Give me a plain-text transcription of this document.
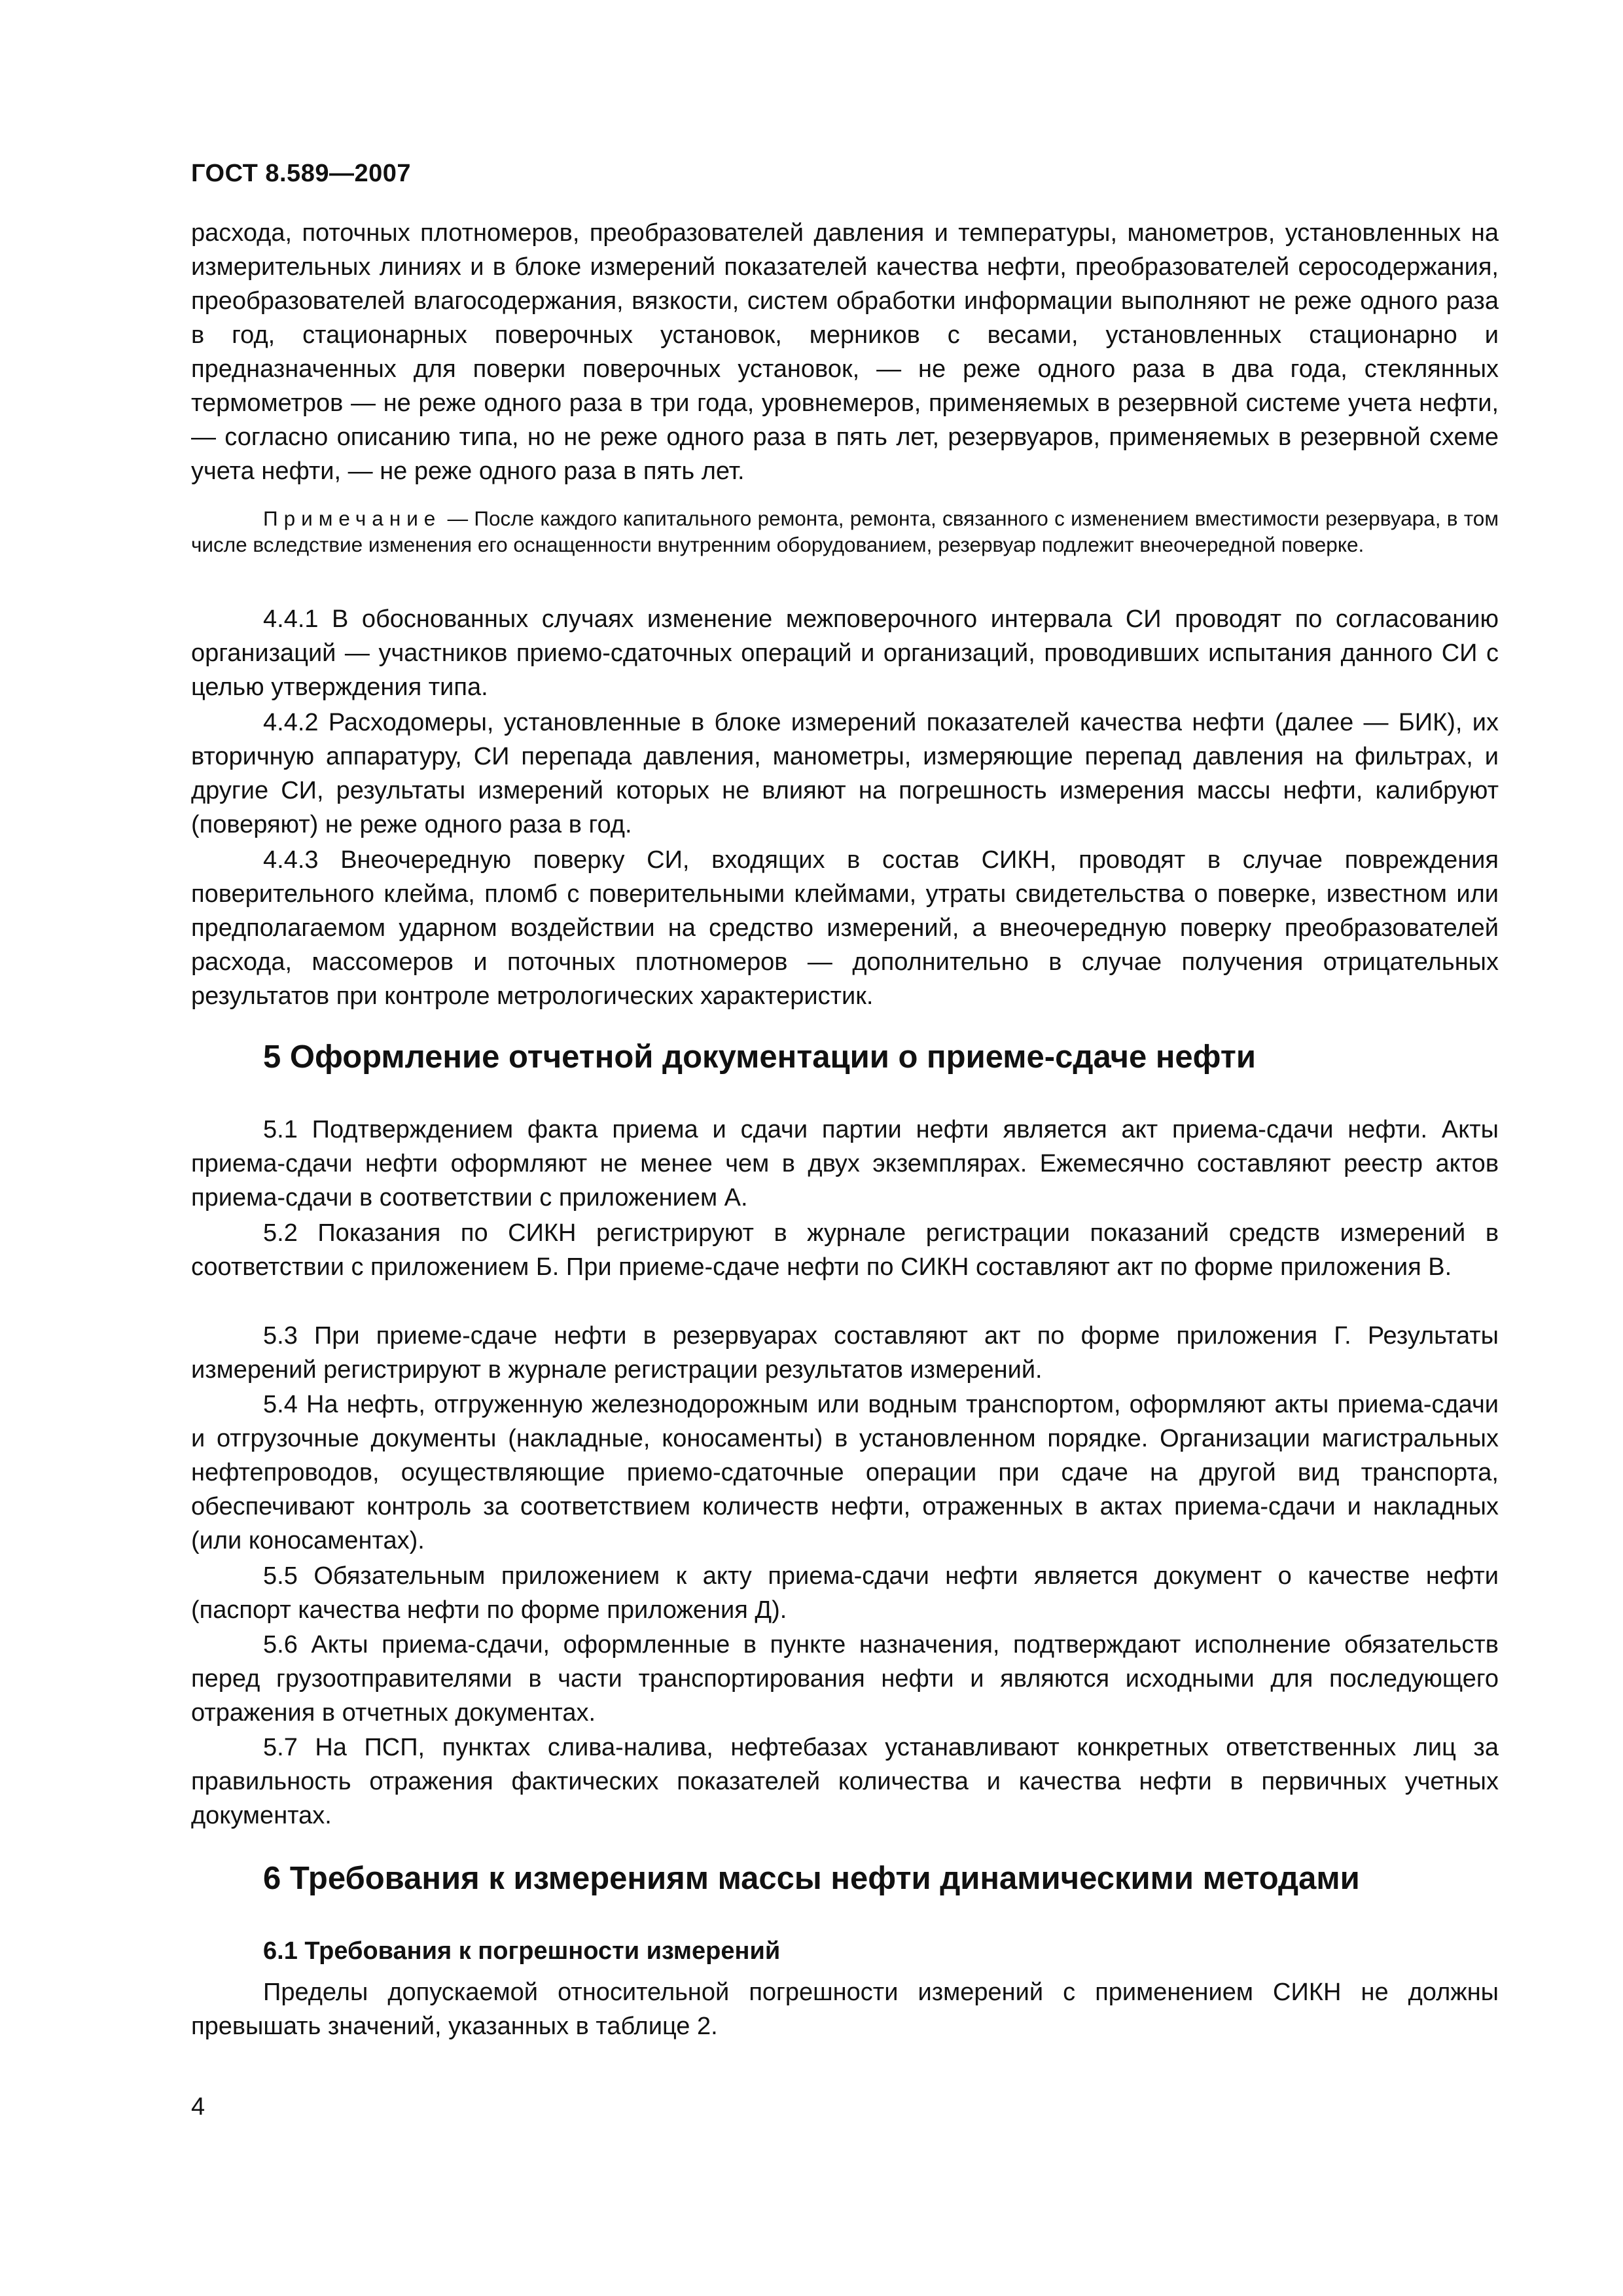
ГОСТ 8.589—2007

расхода, поточных плотномеров, преобразователей давления и температуры, манометров, установленных на измерительных линиях и в блоке измерений показателей качества нефти, преобразователей серосодержания, преобразователей влагосодержания, вязкости, систем обработки информации выполняют не реже одного раза в год, стационарных поверочных установок, мерников с весами, установленных стационарно и предназначенных для поверки поверочных установок, — не реже одного раза в два года, стеклянных термометров — не реже одного раза в три года, уровнемеров, применяемых в резервной системе учета нефти, — согласно описанию типа, но не реже одного раза в пять лет, резервуаров, применяемых в резервной схеме учета нефти, — не реже одного раза в пять лет.

Примечание — После каждого капитального ремонта, ремонта, связанного с изменением вместимости резервуара, в том числе вследствие изменения его оснащенности внутренним оборудованием, резервуар подлежит внеочередной поверке.

4.4.1 В обоснованных случаях изменение межповерочного интервала СИ проводят по согласованию организаций — участников приемо-сдаточных операций и организаций, проводивших испытания данного СИ с целью утверждения типа.

4.4.2 Расходомеры, установленные в блоке измерений показателей качества нефти (далее — БИК), их вторичную аппаратуру, СИ перепада давления, манометры, измеряющие перепад давления на фильтрах, и другие СИ, результаты измерений которых не влияют на погрешность измерения массы нефти, калибруют (поверяют) не реже одного раза в год.

4.4.3 Внеочередную поверку СИ, входящих в состав СИКН, проводят в случае повреждения поверительного клейма, пломб с поверительными клеймами, утраты свидетельства о поверке, известном или предполагаемом ударном воздействии на средство измерений, а внеочередную поверку преобразователей расхода, массомеров и поточных плотномеров — дополнительно в случае получения отрицательных результатов при контроле метрологических характеристик.

5 Оформление отчетной документации о приеме-сдаче нефти

5.1 Подтверждением факта приема и сдачи партии нефти является акт приема-сдачи нефти. Акты приема-сдачи нефти оформляют не менее чем в двух экземплярах. Ежемесячно составляют реестр актов приема-сдачи в соответствии с приложением А.

5.2 Показания по СИКН регистрируют в журнале регистрации показаний средств измерений в соответствии с приложением Б. При приеме-сдаче нефти по СИКН составляют акт по форме приложения В.

5.3 При приеме-сдаче нефти в резервуарах составляют акт по форме приложения Г. Результаты измерений регистрируют в журнале регистрации результатов измерений.

5.4 На нефть, отгруженную железнодорожным или водным транспортом, оформляют акты приема-сдачи и отгрузочные документы (накладные, коносаменты) в установленном порядке. Организации магистральных нефтепроводов, осуществляющие приемо-сдаточные операции при сдаче на другой вид транспорта, обеспечивают контроль за соответствием количеств нефти, отраженных в актах приема-сдачи и накладных (или коносаментах).

5.5 Обязательным приложением к акту приема-сдачи нефти является документ о качестве нефти (паспорт качества нефти по форме приложения Д).

5.6 Акты приема-сдачи, оформленные в пункте назначения, подтверждают исполнение обязательств перед грузоотправителями в части транспортирования нефти и являются исходными для последующего отражения в отчетных документах.

5.7 На ПСП, пунктах слива-налива, нефтебазах устанавливают конкретных ответственных лиц за правильность отражения фактических показателей количества и качества нефти в первичных учетных документах.

6 Требования к измерениям массы нефти динамическими методами
6.1 Требования к погрешности измерений

Пределы допускаемой относительной погрешности измерений с применением СИКН не должны превышать значений, указанных в таблице 2.

4
